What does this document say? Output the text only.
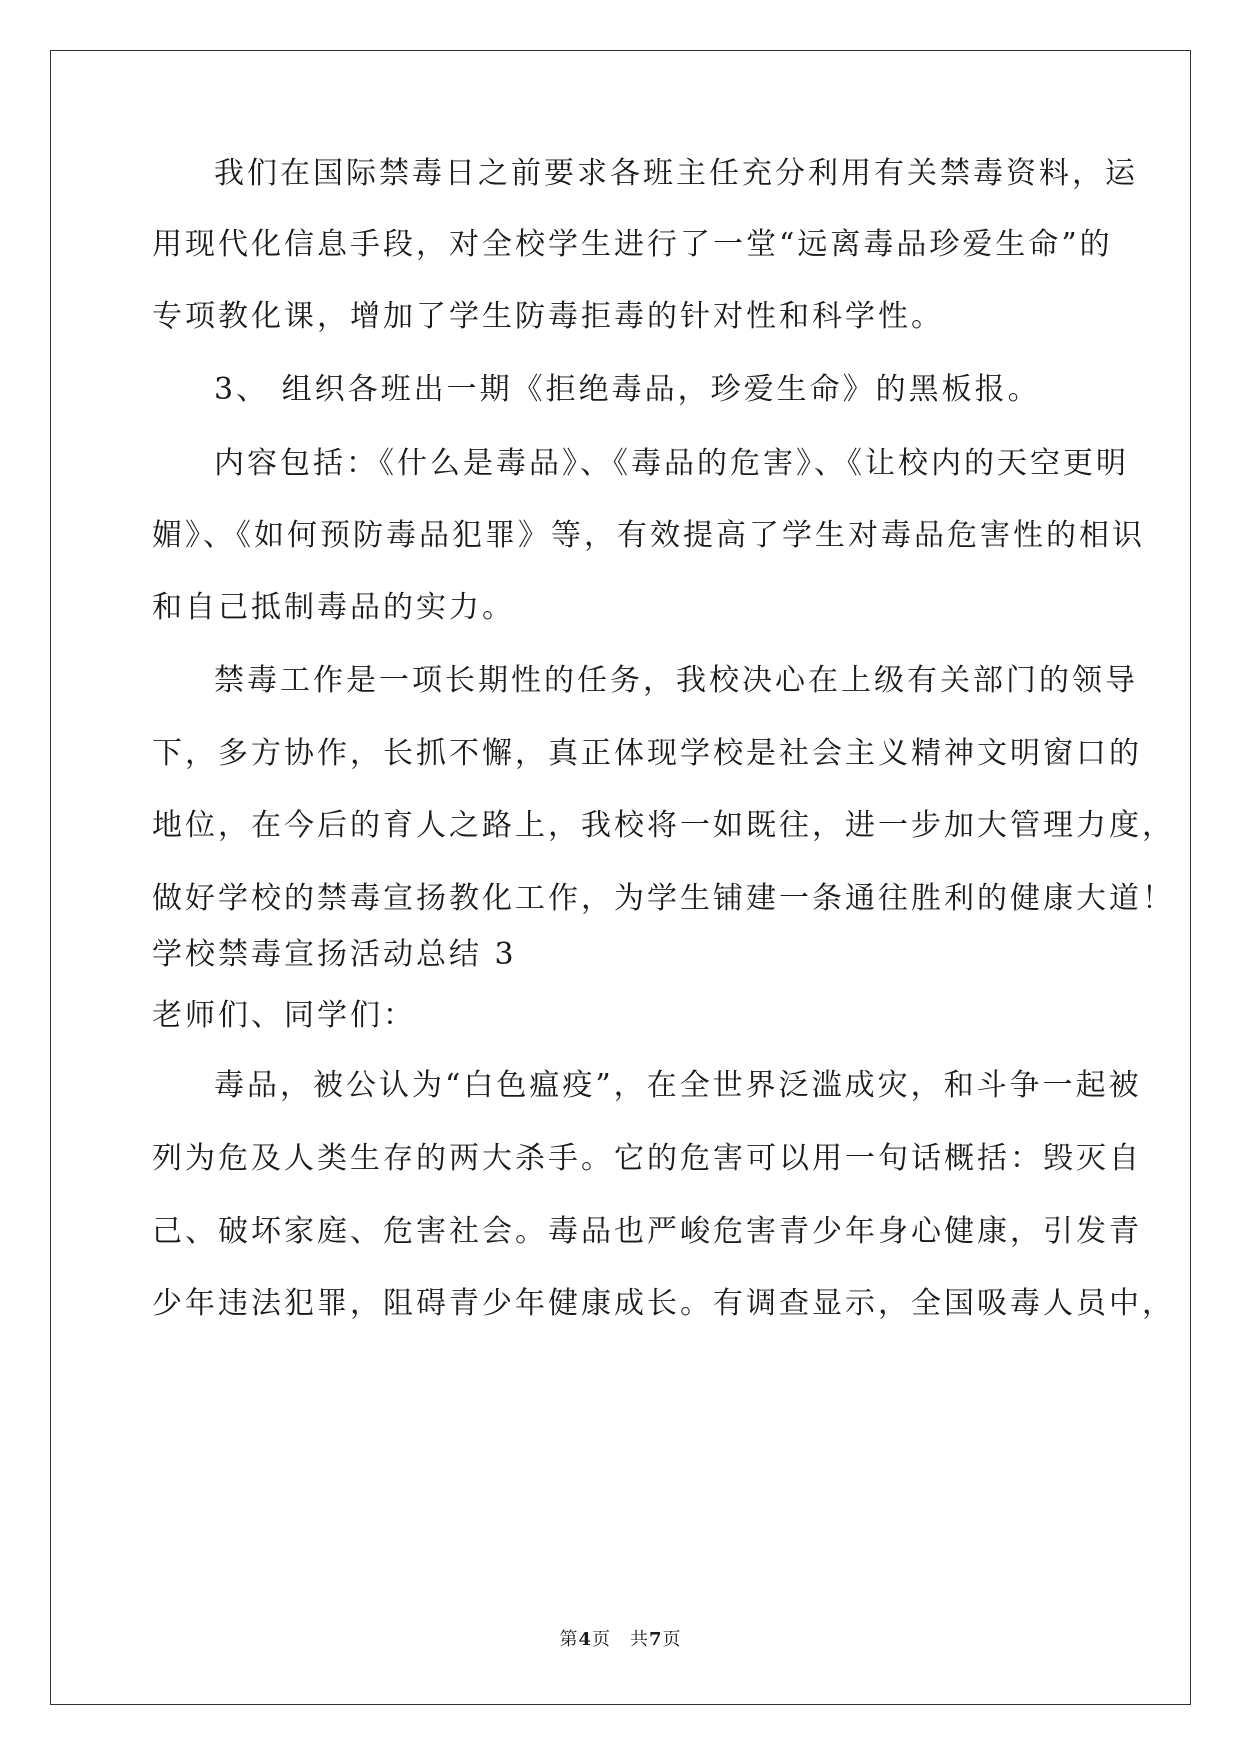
我们在国际禁毒日之前要求各班主任充分利用有关禁毒资料，运
用现代化信息手段，对全校学生进行了一堂“远离毒品珍爱生命”的
专项教化课，增加了学生防毒拒毒的针对性和科学性。
3、 组织各班出一期《拒绝毒品，珍爱生命》的黑板报。
内容包括：《什么是毒品》、《毒品的危害》、《让校内的天空更明
媚》、《如何预防毒品犯罪》等，有效提高了学生对毒品危害性的相识
和自己抵制毒品的实力。
禁毒工作是一项长期性的任务，我校决心在上级有关部门的领导
下，多方协作，长抓不懈，真正体现学校是社会主义精神文明窗口的
地位，在今后的育人之路上，我校将一如既往，进一步加大管理力度，
做好学校的禁毒宣扬教化工作，为学生铺建一条通往胜利的健康大道！
学校禁毒宣扬活动总结 3
老师们、同学们：
毒品，被公认为“白色瘟疫”，在全世界泛滥成灾，和斗争一起被
列为危及人类生存的两大杀手。它的危害可以用一句话概括：毁灭自
己、破坏家庭、危害社会。毒品也严峻危害青少年身心健康，引发青
少年违法犯罪，阻碍青少年健康成长。有调查显示，全国吸毒人员中，
第4页　共7页
